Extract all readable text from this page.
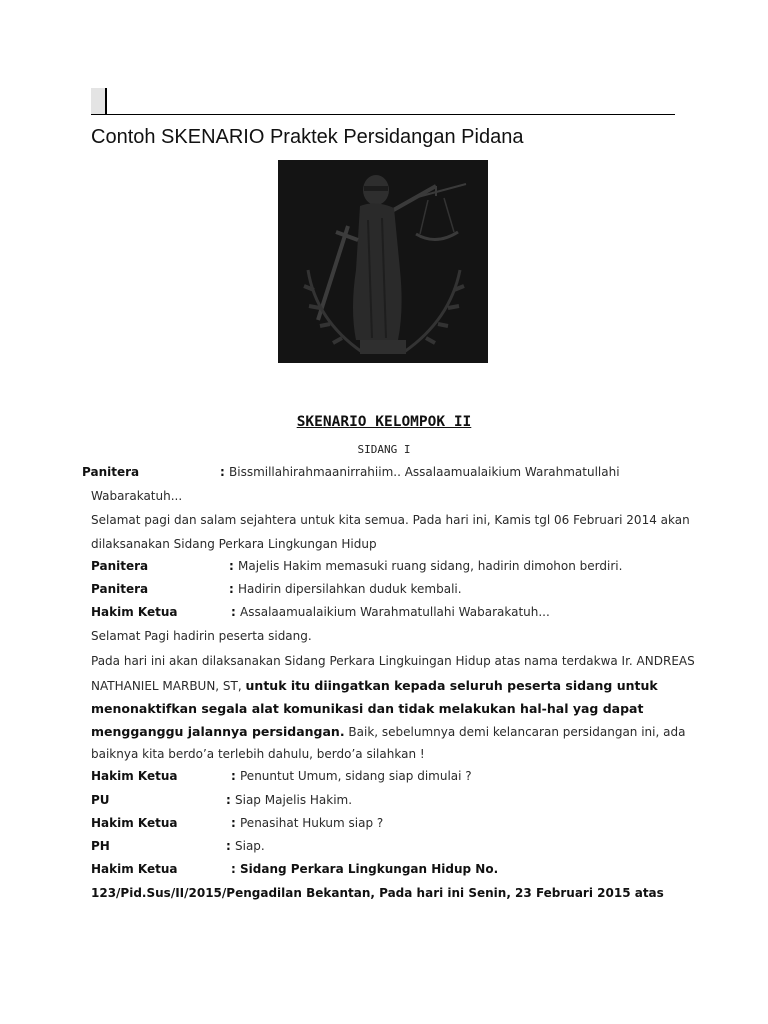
Contoh SKENARIO Praktek Persidangan Pidana
SKENARIO KELOMPOK II
SIDANG I
Panitera	: Bissmillahirahmaanirrahiim.. Assalaamualaikium Warahmatullahi
Wabarakatuh...
Selamat pagi dan salam sejahtera untuk kita semua. Pada hari ini, Kamis tgl 06 Februari 2014 akan
dilaksanakan Sidang Perkara Lingkungan Hidup
Panitera	: Majelis Hakim memasuki ruang sidang, hadirin dimohon berdiri.
Panitera	: Hadirin dipersilahkan duduk kembali.
Hakim Ketua	: Assalaamualaikium Warahmatullahi Wabarakatuh...
Selamat Pagi hadirin peserta sidang.
Pada hari ini akan dilaksanakan Sidang Perkara Lingkuingan Hidup atas nama terdakwa Ir. ANDREAS
NATHANIEL MARBUN, ST, untuk itu diingatkan kepada seluruh peserta sidang untuk
menonaktifkan segala alat komunikasi dan tidak melakukan hal-hal yag dapat
mengganggu jalannya persidangan. Baik, sebelumnya demi kelancaran persidangan ini, ada
baiknya kita berdo’a terlebih dahulu, berdo’a silahkan !
Hakim Ketua	: Penuntut Umum, sidang siap dimulai ?
PU	: Siap Majelis Hakim.
Hakim Ketua	: Penasihat Hukum siap ?
PH	: Siap.
Hakim Ketua	: Sidang Perkara Lingkungan Hidup No.
123/Pid.Sus/II/2015/Pengadilan Bekantan, Pada hari ini Senin, 23 Februari 2015 atas
